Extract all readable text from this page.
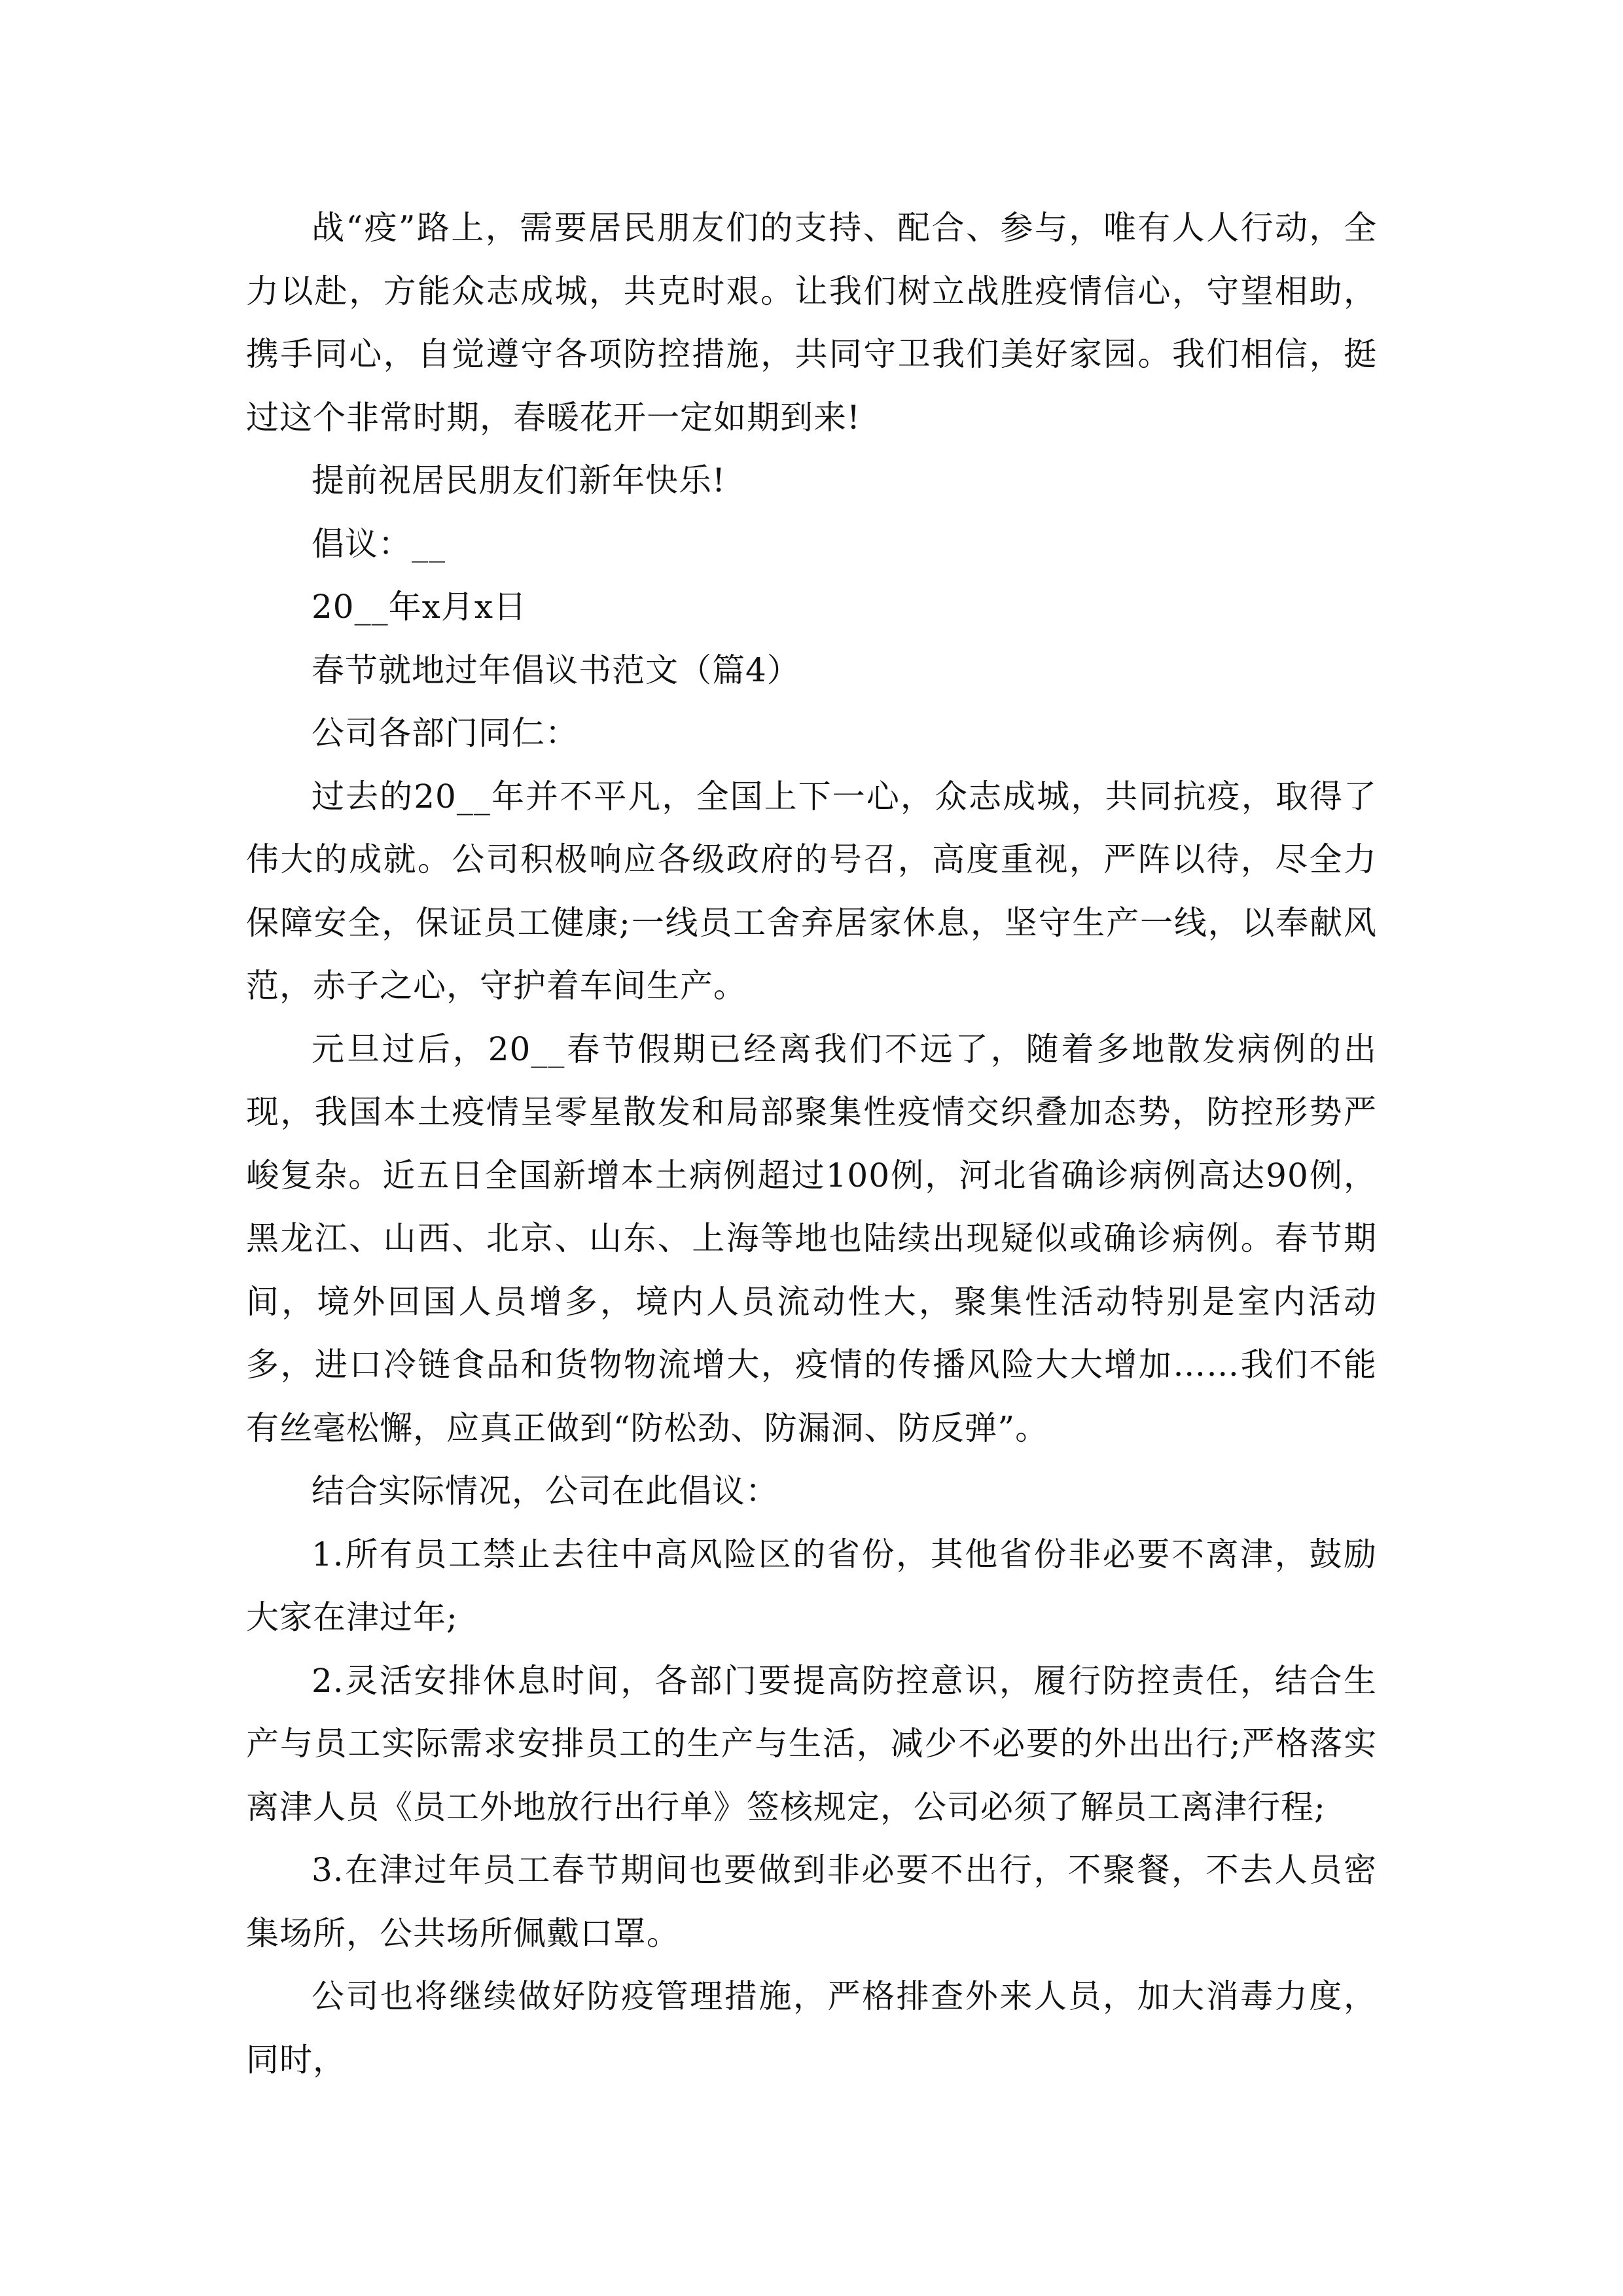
战“疫”路上，需要居民朋友们的支持、配合、参与，唯有人人行动，全力以赴，方能众志成城，共克时艰。让我们树立战胜疫情信心，守望相助，携手同心，自觉遵守各项防控措施，共同守卫我们美好家园。我们相信，挺过这个非常时期，春暖花开一定如期到来!

提前祝居民朋友们新年快乐!

倡议：__

20__年x月x日

春节就地过年倡议书范文（篇4）

公司各部门同仁：

过去的20__年并不平凡，全国上下一心，众志成城，共同抗疫，取得了伟大的成就。公司积极响应各级政府的号召，高度重视，严阵以待，尽全力保障安全，保证员工健康;一线员工舍弃居家休息，坚守生产一线，以奉献风范，赤子之心，守护着车间生产。

元旦过后，20__春节假期已经离我们不远了，随着多地散发病例的出现，我国本土疫情呈零星散发和局部聚集性疫情交织叠加态势，防控形势严峻复杂。近五日全国新增本土病例超过100例，河北省确诊病例高达90例，黑龙江、山西、北京、山东、上海等地也陆续出现疑似或确诊病例。春节期间，境外回国人员增多，境内人员流动性大，聚集性活动特别是室内活动多，进口冷链食品和货物物流增大，疫情的传播风险大大增加……我们不能有丝毫松懈，应真正做到“防松劲、防漏洞、防反弹”。

结合实际情况，公司在此倡议：

1.所有员工禁止去往中高风险区的省份，其他省份非必要不离津，鼓励大家在津过年;

2.灵活安排休息时间，各部门要提高防控意识，履行防控责任，结合生产与员工实际需求安排员工的生产与生活，减少不必要的外出出行;严格落实离津人员《员工外地放行出行单》签核规定，公司必须了解员工离津行程;

3.在津过年员工春节期间也要做到非必要不出行，不聚餐，不去人员密集场所，公共场所佩戴口罩。

公司也将继续做好防疫管理措施，严格排查外来人员，加大消毒力度，同时，
